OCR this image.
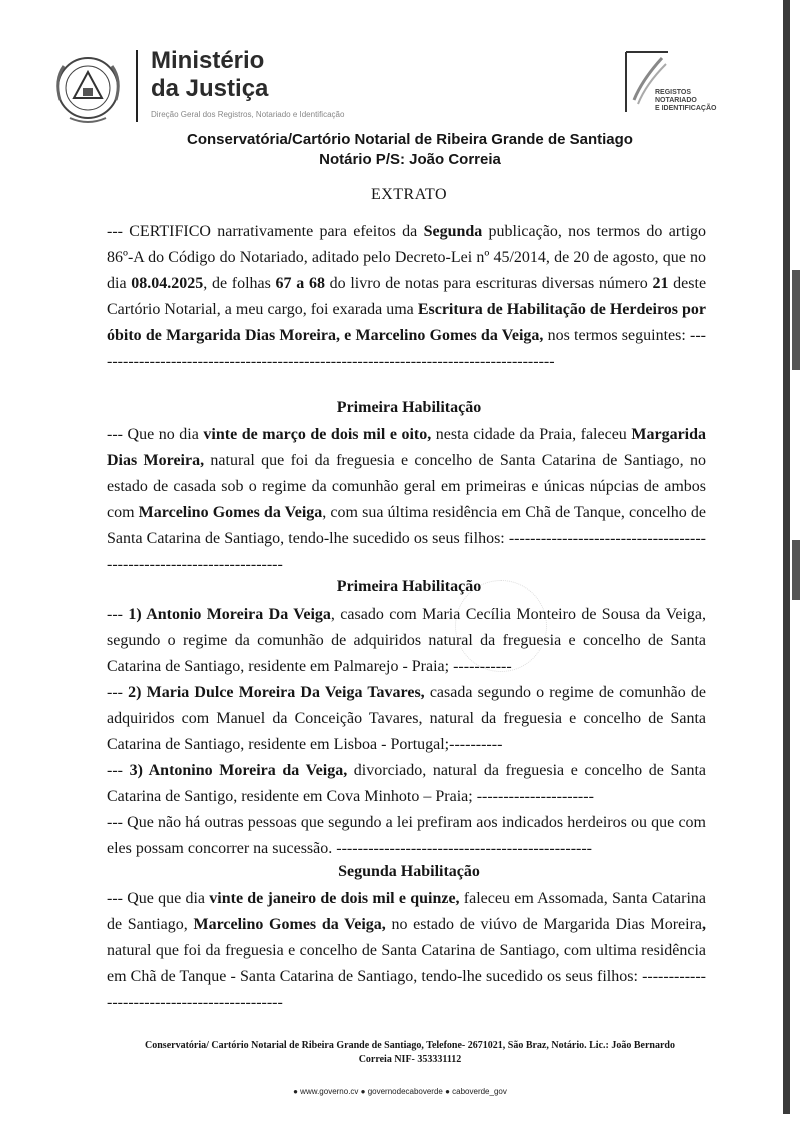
Ministério
da Justiça
Direção Geral dos Registros, Notariado e Identificação
REGISTOS
NOTARIADO
E IDENTIFICAÇÃO
Conservatória/Cartório Notarial de Ribeira Grande de Santiago
Notário P/S: João Correia
EXTRATO
--- CERTIFICO narrativamente para efeitos da Segunda publicação, nos termos do artigo 86º-A do Código do Notariado, aditado pelo Decreto-Lei nº 45/2014, de 20 de agosto, que no dia 08.04.2025, de folhas 67 a 68 do livro de notas para escrituras diversas número 21 deste Cartório Notarial, a meu cargo, foi exarada uma Escritura de Habilitação de Herdeiros por óbito de Margarida Dias Moreira, e Marcelino Gomes da Veiga, nos termos seguintes: ---------------------------------------------------------------------------------------
Primeira Habilitação
--- Que no dia vinte de março de dois mil e oito, nesta cidade da Praia, faleceu Margarida Dias Moreira, natural que foi da freguesia e concelho de Santa Catarina de Santiago, no estado de casada sob o regime da comunhão geral em primeiras e únicas núpcias de ambos com Marcelino Gomes da Veiga, com sua última residência em Chã de Tanque, concelho de Santa Catarina de Santiago, tendo-lhe sucedido os seus filhos: ----------------------------------------------------------------------
Primeira Habilitação
--- 1) Antonio Moreira Da Veiga, casado com Maria Cecília Monteiro de Sousa da Veiga, segundo o regime da comunhão de adquiridos natural da freguesia e concelho de Santa Catarina de Santiago, residente em Palmarejo - Praia; -----------
--- 2) Maria Dulce Moreira Da Veiga Tavares, casada segundo o regime de comunhão de adquiridos com Manuel da Conceição Tavares, natural da freguesia e concelho de Santa Catarina de Santiago, residente em Lisboa - Portugal;----------
--- 3) Antonino Moreira da Veiga, divorciado, natural da freguesia e concelho de Santa Catarina de Santigo, residente em Cova Minhoto – Praia; ----------------------
--- Que não há outras pessoas que segundo a lei prefiram aos indicados herdeiros ou que com eles possam concorrer na sucessão. ------------------------------------------------
Segunda Habilitação
--- Que que dia vinte de janeiro de dois mil e quinze, faleceu em Assomada, Santa Catarina de Santiago, Marcelino Gomes da Veiga, no estado de viúvo de Margarida Dias Moreira, natural que foi da freguesia e concelho de Santa Catarina de Santiago, com ultima residência em Chã de Tanque - Santa Catarina de Santiago, tendo-lhe sucedido os seus filhos: ---------------------------------------------
Conservatória/ Cartório Notarial de Ribeira Grande de Santiago, Telefone- 2671021, São Braz, Notário. Lic.: João Bernardo
Correia NIF- 353331112
● www.governo.cv ● governodecaboverde ● caboverde_gov
